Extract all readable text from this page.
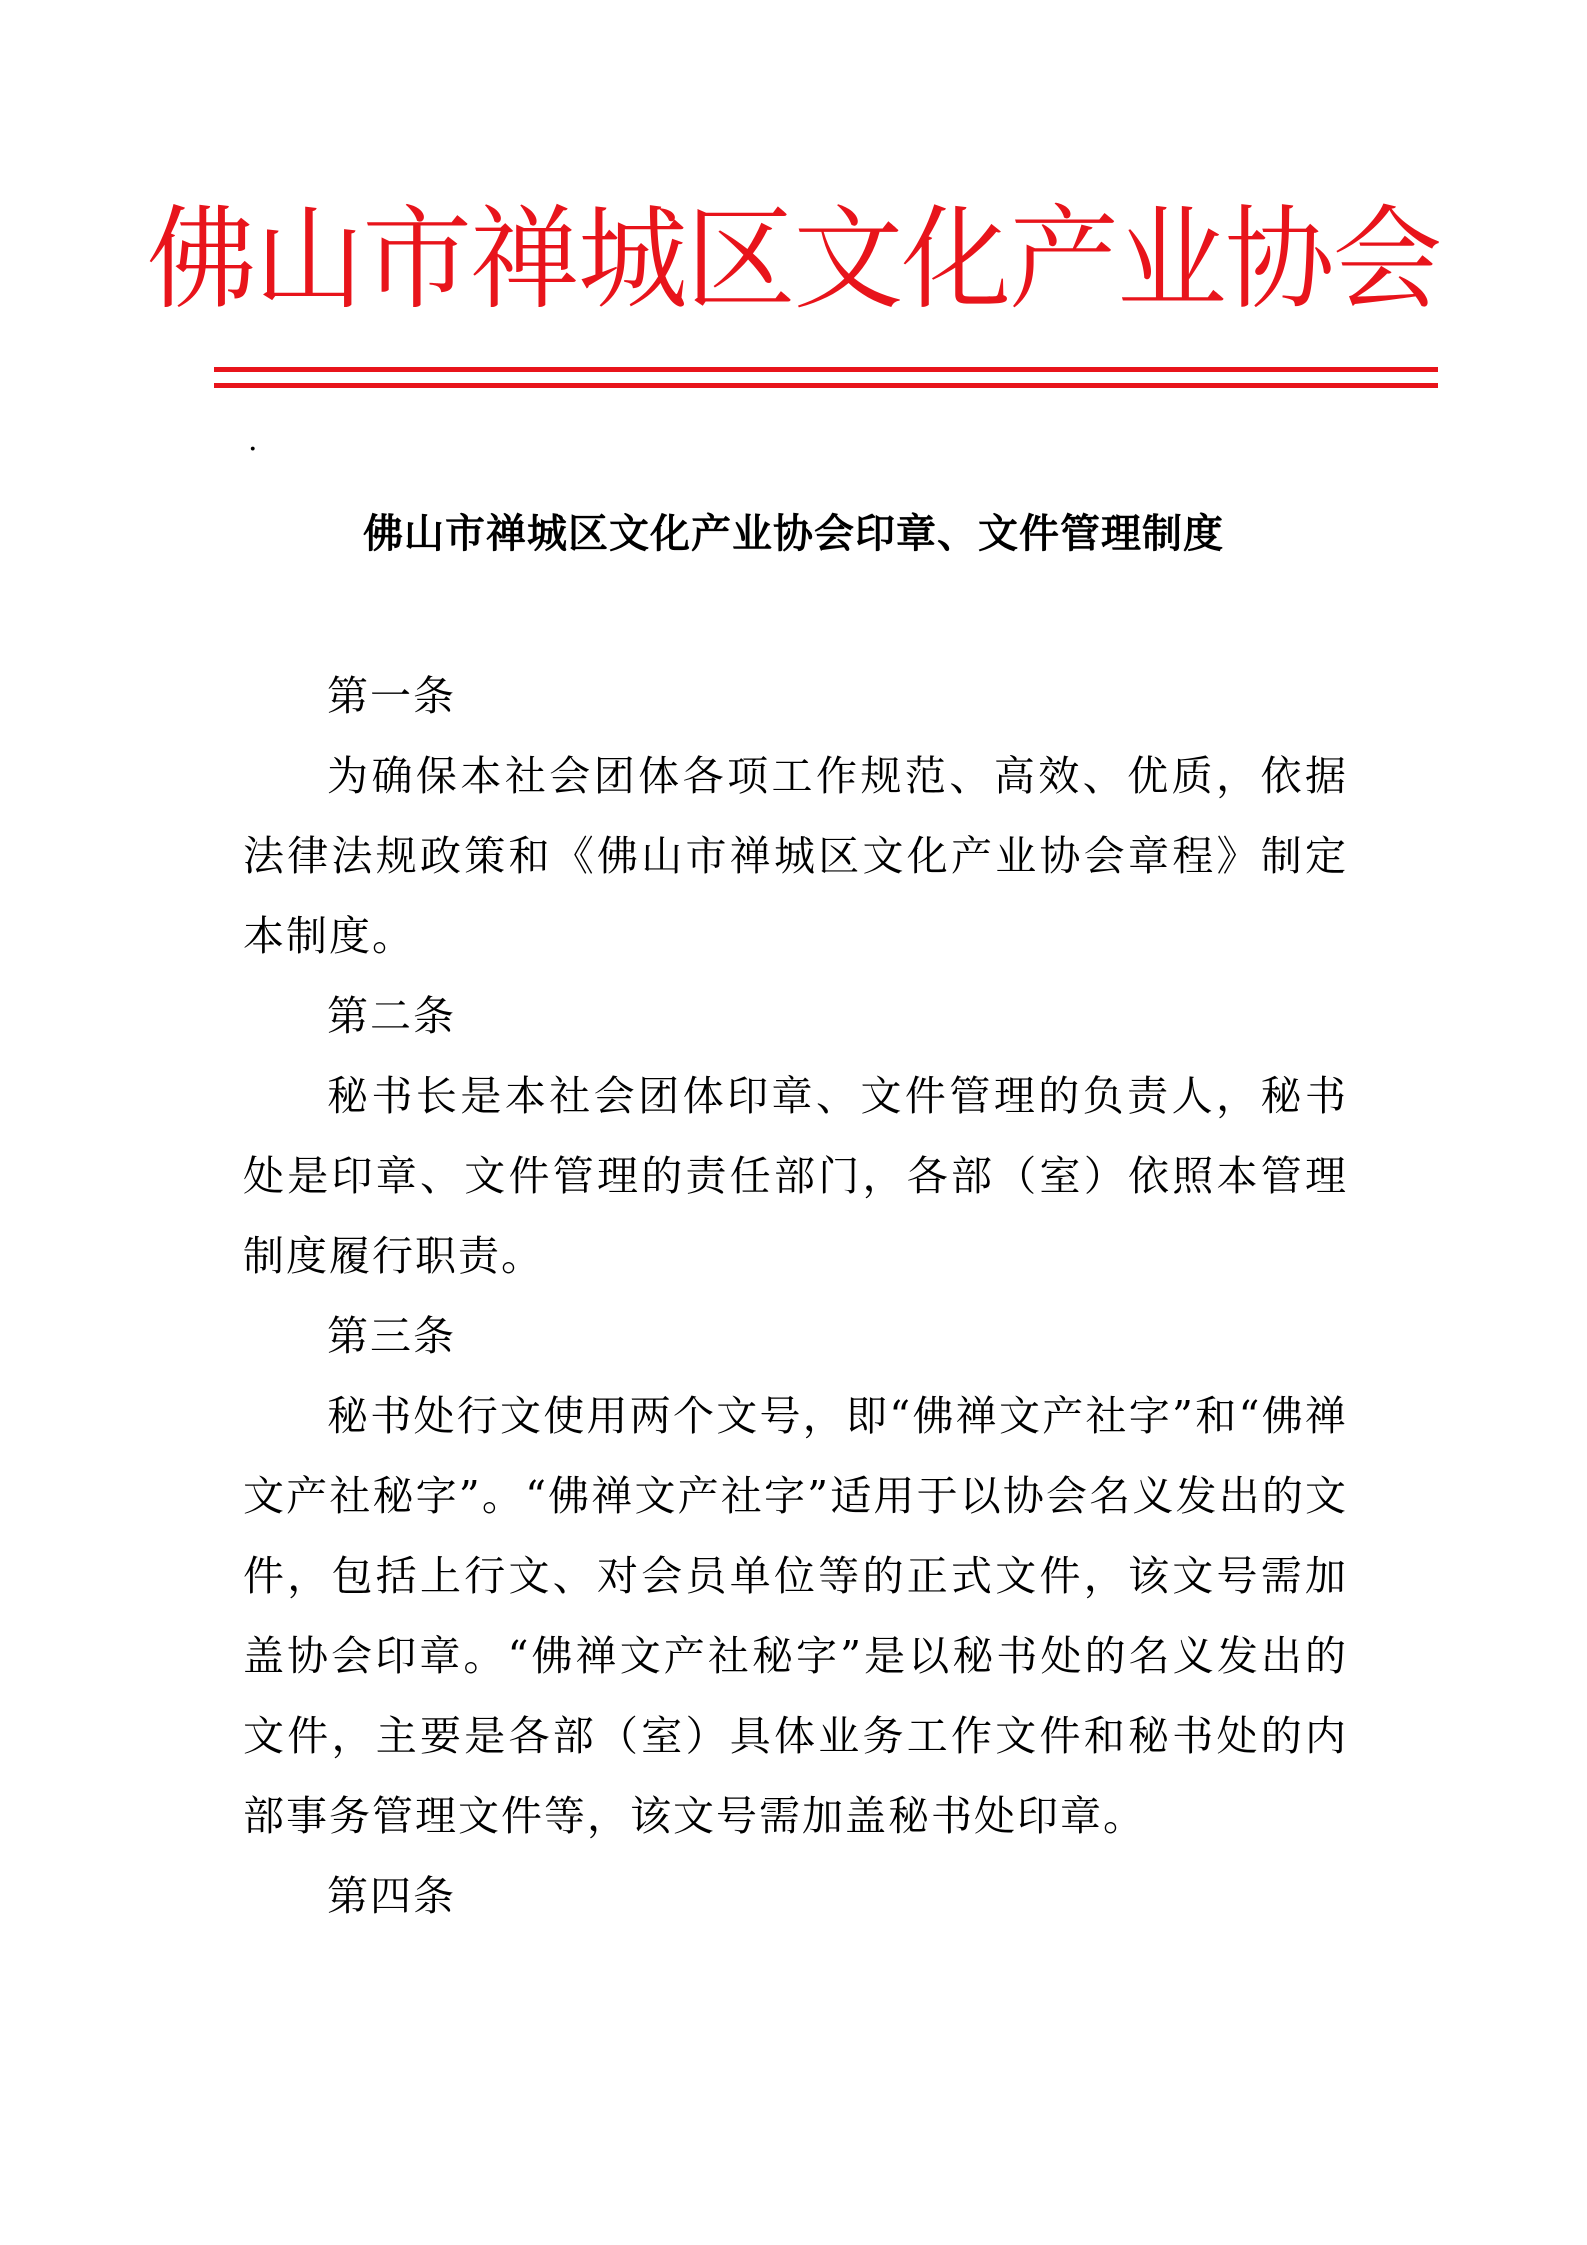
佛山市禅城区文化产业协会
·
佛山市禅城区文化产业协会印章、文件管理制度

第一条

为确保本社会团体各项工作规范、高效、优质，依据法律法规政策和《佛山市禅城区文化产业协会章程》制定本制度。

第二条

秘书长是本社会团体印章、文件管理的负责人，秘书处是印章、文件管理的责任部门，各部（室）依照本管理制度履行职责。

第三条

秘书处行文使用两个文号，即“佛禅文产社字”和“佛禅文产社秘字”。“佛禅文产社字”适用于以协会名义发出的文件，包括上行文、对会员单位等的正式文件，该文号需加盖协会印章。“佛禅文产社秘字”是以秘书处的名义发出的文件，主要是各部（室）具体业务工作文件和秘书处的内部事务管理文件等，该文号需加盖秘书处印章。

第四条
